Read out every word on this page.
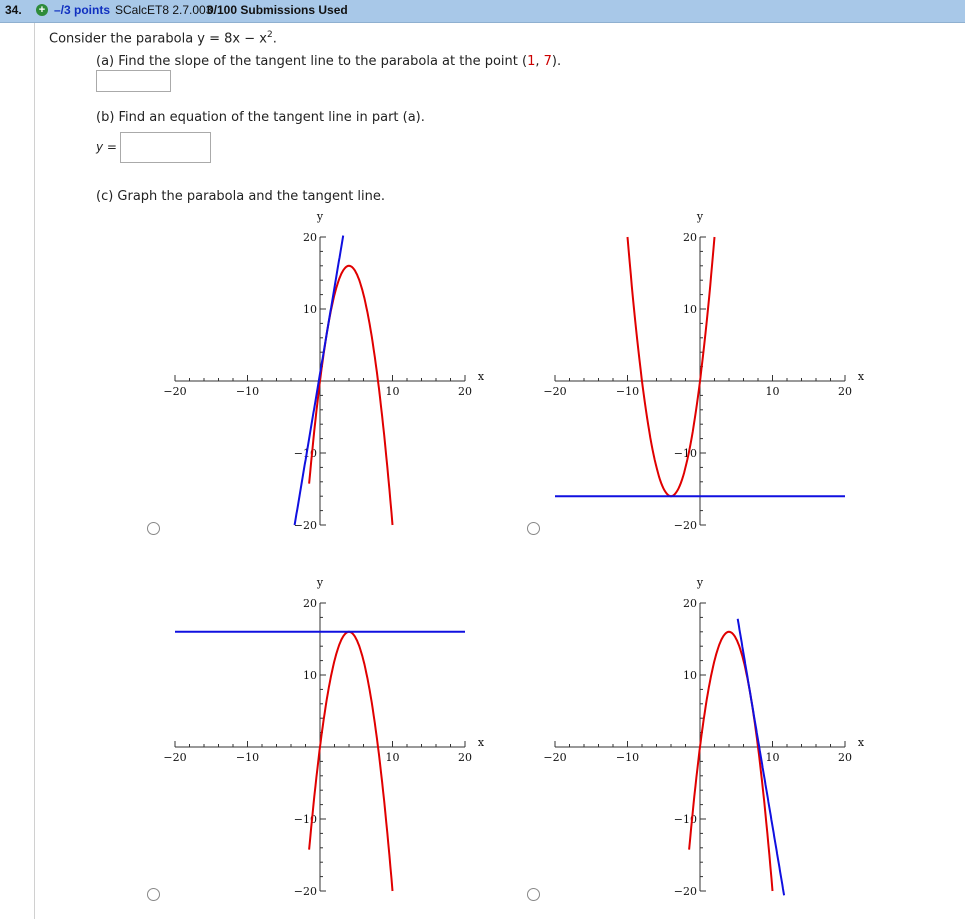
34. + –/3 points SCalcET8 2.7.003.
0/100 Submissions Used
Consider the parabola $y = 8x - x^2$.
(a) Find the slope of the tangent line to the parabola at the point (1, 7).
(b) Find an equation of the tangent line in part (a).
y =
(c) Graph the parabola and the tangent line.
−20	−10	10	20
20
10
−10
−20
x
y
−20	−10	10	20
20
10
−10
−20
x
y
−20	−10	10	20
20
10
−10
−20
x
y
−20	−10	10	20
20
10
−10
−20
x
y
